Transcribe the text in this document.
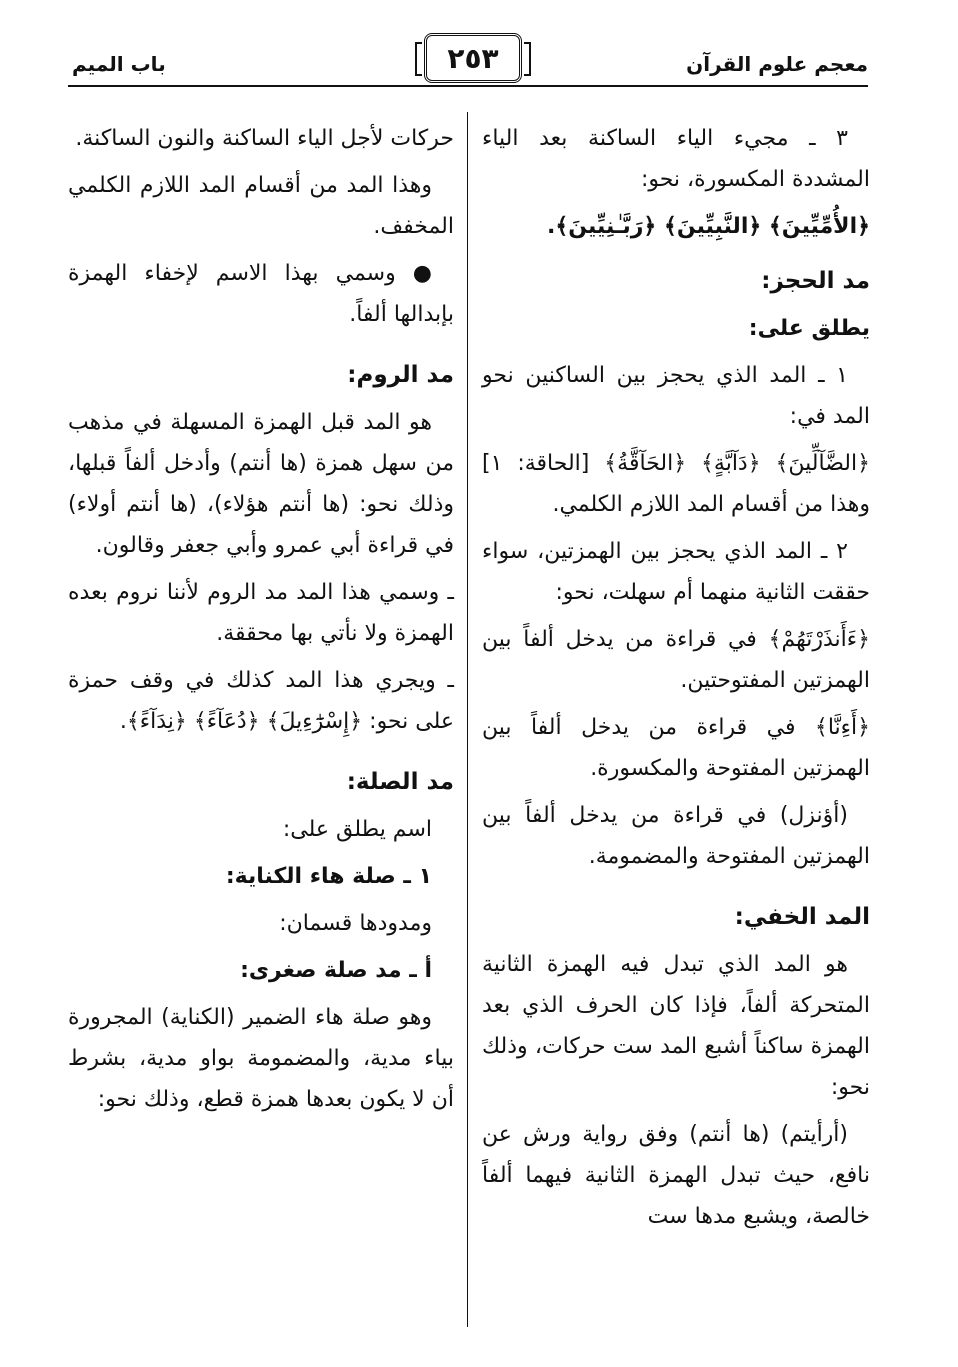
معجم علوم القرآن
٢٥٣
باب الميم

٣ ـ مجيء الياء الساكنة بعد الياء المشددة المكسورة، نحو:

﴿الأُمِّيِّينَ﴾ ﴿النَّبِيِّينَ﴾ ﴿رَبَّـٰنِيِّينَ﴾.

مد الحجز:

يطلق على:

١ ـ المد الذي يحجز بين الساكنين نحو المد في:

﴿الضَّآلِّينَ﴾ ﴿دَآبَّةٍ﴾ ﴿الحَآقَّةُ﴾ [الحاقة: ١] وهذا من أقسام المد اللازم الكلمي.

٢ ـ المد الذي يحجز بين الهمزتين، سواء حققت الثانية منهما أم سهلت، نحو:

﴿ءَأَنذَرْتَهُمْ﴾ في قراءة من يدخل ألفاً بين الهمزتين المفتوحتين.

﴿أَءِنَّا﴾ في قراءة من يدخل ألفاً بين الهمزتين المفتوحة والمكسورة.

(أؤنزل) في قراءة من يدخل ألفاً بين الهمزتين المفتوحة والمضمومة.

المد الخفي:

هو المد الذي تبدل فيه الهمزة الثانية المتحركة ألفاً، فإذا كان الحرف الذي بعد الهمزة ساكناً أشبع المد ست حركات، وذلك نحو:

(أرأيتم) (ها أنتم) وفق رواية ورش عن نافع، حيث تبدل الهمزة الثانية فيهما ألفاً خالصة، ويشبع مدها ست

حركات لأجل الياء الساكنة والنون الساكنة.

وهذا المد من أقسام المد اللازم الكلمي المخفف.

● وسمي بهذا الاسم لإخفاء الهمزة بإبدالها ألفاً.

مد الروم:

هو المد قبل الهمزة المسهلة في مذهب من سهل همزة (ها أنتم) وأدخل ألفاً قبلها، وذلك نحو: (ها أنتم هؤلاء)، (ها أنتم أولاء) في قراءة أبي عمرو وأبي جعفر وقالون.

ـ وسمي هذا المد مد الروم لأننا نروم بعده الهمزة ولا نأتي بها محققة.

ـ ويجري هذا المد كذلك في وقف حمزة على نحو: ﴿إِسْرَٰٓءِيلَ﴾ ﴿دُعَآءً﴾ ﴿نِدَآءً﴾.

مد الصلة:

اسم يطلق على:

١ ـ صلة هاء الكناية:

ومدودها قسمان:

أ ـ مد صلة صغرى:

وهو صلة هاء الضمير (الكناية) المجرورة بياء مدية، والمضمومة بواو مدية، بشرط أن لا يكون بعدها همزة قطع، وذلك نحو:
